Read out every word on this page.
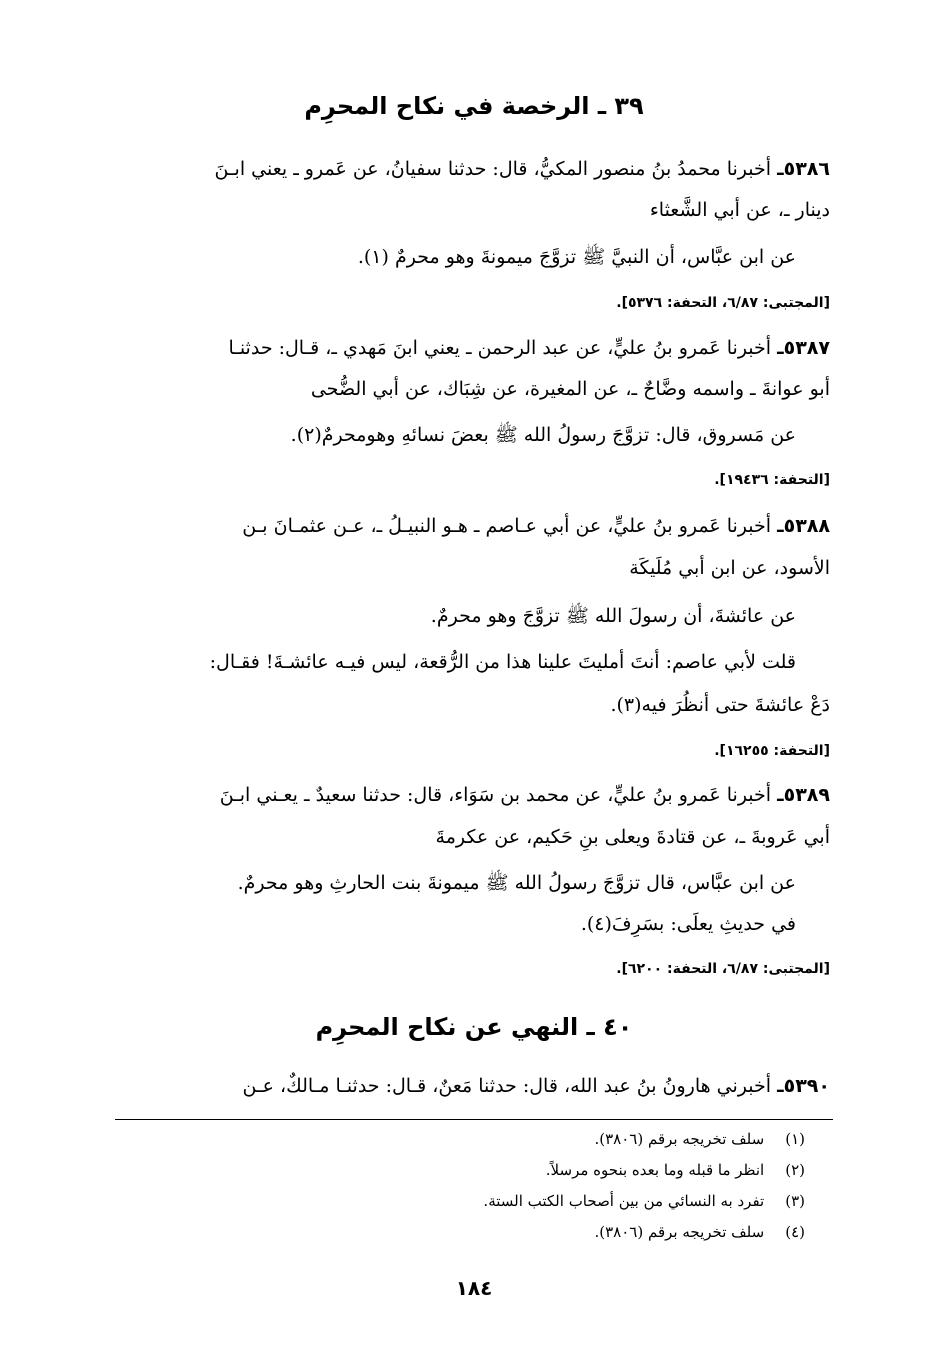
٣٩ ـ الرخصة في نكاح المحرِم
٥٣٨٦ـ أخبرنا محمدُ بنُ منصور المكيُّ، قال: حدثنا سفيانُ، عن عَمرو ـ يعني ابـنَ
دينار ـ، عن أبي الشَّعثاء
عن ابن عبَّاس، أن النبيَّ ﷺ تزوَّجَ ميمونةَ وهو محرمٌ (١).
[المجتبى: ٦/٨٧، التحفة: ٥٣٧٦].
٥٣٨٧ـ أخبرنا عَمرو بنُ عليٍّ، عن عبد الرحمن ـ يعني ابنَ مَهدي ـ، قـال: حدثنـا
أبو عوانةَ ـ واسمه وضَّاحٌ ـ، عن المغيرة، عن شِبَاك، عن أبي الضُّحى
عن مَسروق، قال: تزوَّجَ رسولُ الله ﷺ بعضَ نسائهِ وهومحرمٌ(٢).
[التحفة: ١٩٤٣٦].
٥٣٨٨ـ أخبرنا عَمرو بنُ عليٍّ، عن أبي عـاصم ـ هـو النبيـلُ ـ، عـن عثمـانَ بـن
الأسود، عن ابن أبي مُلَيكَة
عن عائشةَ، أن رسولَ الله ﷺ تزوَّجَ وهو محرمٌ.
قلت لأبي عاصم: أنتَ أمليتَ علينا هذا من الرُّقعة، ليس فيـه عائشـةَ! فقـال:
دَعْ عائشةَ حتى أنظُرَ فيه(٣).
[التحفة: ١٦٢٥٥].
٥٣٨٩ـ أخبرنا عَمرو بنُ عليٍّ، عن محمد بن سَوَاء، قال: حدثنا سعيدٌ ـ يعـني ابـنَ
أبي عَروبةَ ـ، عن قتادةَ ويعلى بنِ حَكيم، عن عكرمةَ
عن ابن عبَّاس، قال تزوَّجَ رسولُ الله ﷺ ميمونةَ بنت الحارثِ وهو محرمٌ.
في حديثِ يعلَى: بسَرِفَ(٤).
[المجتبى: ٦/٨٧، التحفة: ٦٢٠٠].
٤٠ ـ النهي عن نكاح المحرِم
٥٣٩٠ـ أخبرني هارونُ بنُ عبد الله، قال: حدثنا مَعنٌ، قـال: حدثنـا مـالكٌ، عـن
(١) سلف تخريجه برقم (٣٨٠٦).
(٢) انظر ما قبله وما بعده بنحوه مرسلاً.
(٣) تفرد به النسائي من بين أصحاب الكتب الستة.
(٤) سلف تخريجه برقم (٣٨٠٦).
١٨٤
